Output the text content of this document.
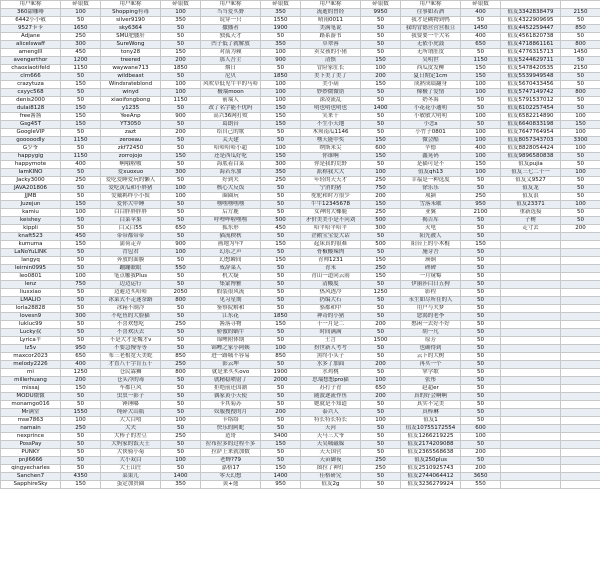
用户昵称	碎银数	用户昵称	碎银数	用户昵称	碎银数	用户昵称	碎银数	用户昵称	碎银数		
360甜咖啡	100	Shopping有毒	100	当当爱买野	350	流逝的曾经	9950	往事如若酒	400	值友3342838479	2150
6442小小敬	50	silver9190	350	说穿一只	1550	晴雨0011	50	我才是糊物到鸭	50	值友4322909695	50
9527卡卡	1650	sky6364	50	撒播者	1900	美满笔说	50	我的冒德营营营报豆	1450	值友4452259447	850
Adjane	250	SMU肥腰肝	50	独孤天才	50	路系游书	50	我要要一个大名	400	值友4561820738	50
alicelswaff	300	SureWong	50	凹子低了就解放	350	草翠蓉	50	无依小虎鼓	650	值友4718861161	800
amenglll	450	tony28	150	对箭为赖	100	卖女孩的小猪	50	无所谓肚皮	50	值友4776315713	1450
avengerthor	1200	treered	200	那人吾主	900	清慎	150	吴明世	1150	值友5244629711	50
chaoxiaotifeld	1150	waywane713	1850	烟日	50	冒险家肛长	100	西瓜皮发柳	150	值友5478420535	2150
clm666	50	wildbeast	50	尼贝	1850	美下美了美了	200	夏日期定1cm	150	值友5539949548	50
crazytuza	150	Windsrateblond	100	风吹草低见牛羊的马哈	100	美小葫	150	成熟成绩翻身	100	值友5670433456	50
cxyyc568	50	winyd	100	极端moon	100	妙妙微微错	50	像极了爱情	100	值友5747149742	800
denis2000	50	xiaoifongbong	1150	前端人	100	深凌流乱	50	奶冬海	50	值友5791537012	50
dulai8128	150	y1235	50	改了名字能不优吗	150	明也明也明也	1400	小花花小通明	50	值友6102257454	50
free酱酱	150	YeeAnp	900	高兴36网打败	150	笑来干	50	小敏敏大明明	100	值友6582214890	100
Gsg45T	150	YT3050	50	葛朗台	150	不生小天地	50	小恋s	50	值友6640833198	150
GoogleVIP	50	zazt	200	给自己的歌	50	木须南瓜1146	50	小竹子0801	100	值友7647764954	100
gooooodly	1150	zeroeau	50	关天建	50	嘿天能中奖	150	微会酷	100	值友8057343703	3300
G少爷	50	zkf72450	50	哈哈哈哈小超	100	纳斯米尖	600	辛德	400	值友8828054424	100
happygig	1150	zorrojojo	150	还是西瓜好吃	150	你谁啊	150	鑫晃码	100	值友9896580838	50
happymote	400	啊哦啦嗷	50	海底着白菜	300	你是我的荒野	50	是猫可是不	150	值友pujia	50
IamKINO	50	爱xuoxuo	300	海若东加	350	派称我大大	100	值友qh13	100	值友三七二十一	100
Jacky3000	250	爱吃爱睡爱玩的懒人	50	好到夫	250	年轻的天天才	250	幸福是一种选度	50	值友义9527	50
JAVA201806	50	爱吃黄瓜和小胖猪	100	核心大反饭	50	宁消的猪	750	徐乐乐	50	值友龙	50
JJMB	50	爱戴羁绊小小鬓	100	圈圈玩	50	驼驼和时方很少	200	项颍	250	值友浪	50
Juzejun	150	爱你大中睡	50	嘿嘿嘿嘿嘿	50	牛牛12345678	150	雪落未歇	950	值友23371	100
kamiu	100	白白胖胖胖胖	50	后方鹿	50	女神的大椰鹿	250	亚翼	2100	重新选接	50
keishey	50	白菜苹果	50	呼哩哗啦嘿嘿	500	矛价美美小是不问刘	500	揭吉库	50	子树	50
kippli	50	白又白55	650	狐东形	450	哈平哈平哈平	300	灭电	50	走寸去	200
knaft523	450	带带都带带	50	猫流秧秋	50	企鹅宝宝爱大话	50	阳光被人	50		
kumuma	150	蒲荷走弄	900	画地为牢?	150	起床真的很难	500	阳台上的小木棍	150		
LaNoYuLINK	50	背包君	100	幻乐之声	50	骨椒酸辣肉	50	施芽吾	50		
langyq	50	奔放的面膜	50	幻想瞬间	150	青帅1231	150	瑛铜	50		
leirnin0995	50	蹦蹦眠眼	550	戒辞菜人	50	青末	250	碑碑	50		
leo0801	100	笔点触我Plus	50	机大疑	50	青山一道同云雨	150	一月窥霉	50		
lenz	750	边边运行	50	集蒙博雅	50	清酸度	50	伊丽莎白日五狗	50		
liuxxiao	50	边避边买哈哈	2050	假装很风流	50	热风透冷	1250	影程	50		
LMALIO	50	冰菜式不走迷奈路	800	见习星期	50	扔编大石	50	永生如尽所在的人	50		
lorla28828	50	冰箱不制冷	50	鉴察院解和	50	骆都和中	50	用户与夫梦	50		
lovesn9	300	不吃鱼的大脸猫	50	江东花	1850	神奇的小猪	50	您渴的老李	50		
lukluc99	50	不喜欢想吃	250	酱落寻物	150	十一月是二	200	憨闲一去好不好	50		
Lucky叔	50	不喜欢沃去	50	骄傲的蜗牛	50	时间满满	50	胡一凡	50		
Lyrica平	50	不是大才是魏才v	50	锦鲤附体期	50	士言	1500	原芳	50		
lz5v	950	不要急慢等等	50	锦鲤之家小阿姨	100	扮世新人考考	50	也确得到	50		
maxcor2023	650	布三老根宽天美蛇	850	进一路城不容易	850	黑终小头子	50	云下的大树	50		
melody2226	400	才直八十字肯五千	250	影云坤	50	水多了加面	200	再买一个	50		
mi	1250	仓民霖狮	800	就是来买买ovo	1900	水鸡桃	50	掌学歌	50		
millerhuang	200	仓头冷的毒	50	就精稳喷射了	2000	思端想想pro猫	100	张彤	50		
missaj	150	车都巨风	50	拒绝前还国潮	50	苏打子青	650	赵超er	50		
MODU微微	50	虫虫一影子	50	偶家黄小天使	50	随波逐流作鱼	200	真的好会啊啊	50		
monamgo016	50	锤锤嘟	50	卡其菊苏	50	她就是不知道	50	真实不完美	50		
Mr满堂	1550	纯碎大山瓶	50	奴服搜搜的月	200	泰兴人	50	真棒琳	50		
mse7863	100	大大白嘻	100	卡络络	50	特长特长特长	100	值友1	50		
namain	250	大夫	50	快乐的阿蛇	50	天河	50	值友10755172554	600		
nexprince	50	大棒子的差豆	250	造哥	3400	天马三大爷	50	值友1266219225	100		
PossPay	50	大妈家的饭天王	50	拉布拉多的过程不多	150	天吴城磁媒	50	值友2174209088	50		
PUNKY	50	大侠骑小菊	50	拉萨上来就加数	50	天天国营	50	值友2365568638	200		
pnjl6666	50	大小双白	100	老蝉?79	50	天苗御夜	250	值友250plus	50		
qingyecharles	50	大王山庄	50	嘉格17	150	图拉了神灯	250	值友2510925743	200		
Sanchen7	4350	菜果儿	1400	零天幻想	1400	佳格研究	50	值友2744064412	3650		
SapphireSky	150	蛋定加贵圈	350	黄+逸	950	值友2g	50	值友3236279924	550		
